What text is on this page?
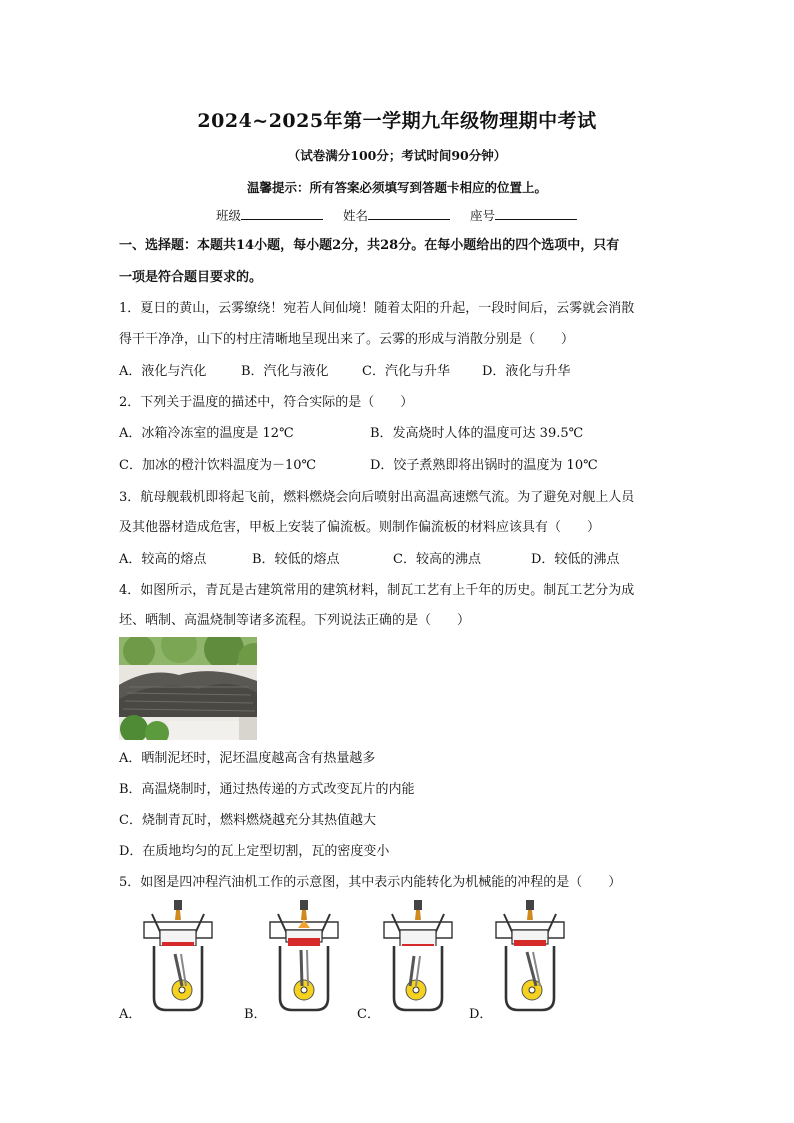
2024~2025年第一学期九年级物理期中考试
（试卷满分100分；考试时间90分钟）
温馨提示：所有答案必须填写到答题卡相应的位置上。
班级	姓名	座号
一、选择题：本题共14小题，每小题2分，共28分。在每小题给出的四个选项中，只有
一项是符合题目要求的。
1．夏日的黄山，云雾缭绕！宛若人间仙境！随着太阳的升起，一段时间后，云雾就会消散
得干干净净，山下的村庄清晰地呈现出来了。云雾的形成与消散分别是（　　）
A．液化与汽化	B．汽化与液化	C．汽化与升华 D．液化与升华
2．下列关于温度的描述中，符合实际的是（　　）
A．冰箱冷冻室的温度是 12℃	B．发高烧时人体的温度可达 39.5℃
C．加冰的橙汁饮料温度为－10℃	D．饺子煮熟即将出锅时的温度为 10℃
3．航母舰载机即将起飞前，燃料燃烧会向后喷射出高温高速燃气流。为了避免对舰上人员
及其他器材造成危害，甲板上安装了偏流板。则制作偏流板的材料应该具有（　　）
A．较高的熔点	B．较低的熔点	C．较高的沸点	D．较低的沸点
4．如图所示，青瓦是古建筑常用的建筑材料，制瓦工艺有上千年的历史。制瓦工艺分为成
坯、晒制、高温烧制等诸多流程。下列说法正确的是（　　）
A．晒制泥坯时，泥坯温度越高含有热量越多
B．高温烧制时，通过热传递的方式改变瓦片的内能
C．烧制青瓦时，燃料燃烧越充分其热值越大
D．在质地均匀的瓦上定型切割，瓦的密度变小
5．如图是四冲程汽油机工作的示意图，其中表示内能转化为机械能的冲程的是（　　）
A．	B．	C．	D．
